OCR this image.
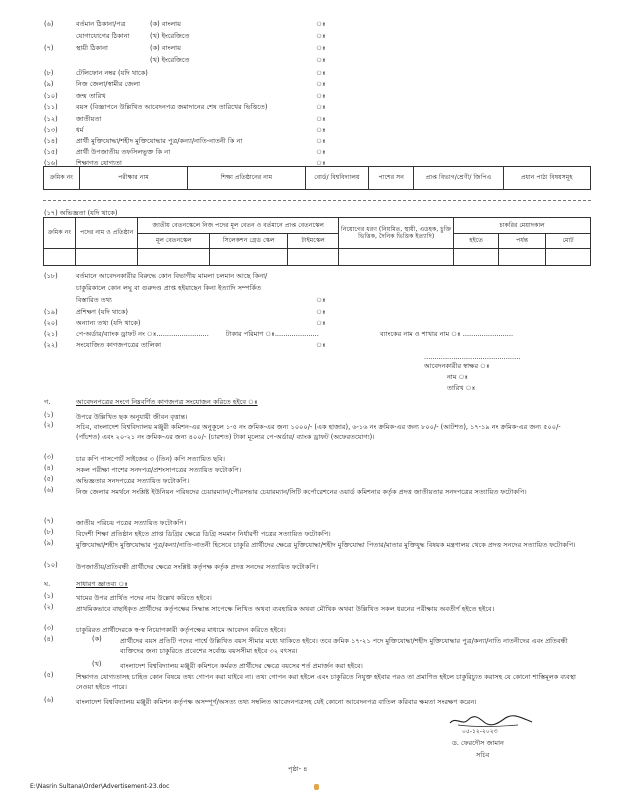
(৬)	বর্তমান ঠিকানা/পত্র	(ক) বাংলায়	ঃ
যোগাযোগের ঠিকানা	(খ) ইংরেজিতে	ঃ
(৭)	স্থায়ী ঠিকানা	(ক) বাংলায়	ঃ
(খ) ইংরেজিতে	ঃ
(৮)	টেলিফোন নম্বর (যদি থাকে)	ঃ
(৯)	নিজ জেলা/স্বামীর জেলা	ঃ
(১০)	জন্ম তারিখ	ঃ
(১১)	বয়স (বিজ্ঞাপনে উল্লিখিত আবেদনপত্র জমাদানের শেষ তারিখের ভিত্তিতে)	ঃ
(১২)	জাতীয়তা	ঃ
(১৩)	ধর্ম	ঃ
(১৪)	প্রার্থী মুক্তিযোদ্ধা/শহীদ মুক্তিযোদ্ধার পুত্র/কন্যা/নাতি-নাতনী কি না	ঃ
(১৫)	প্রার্থী উপজাতীয় তফসিলভুক্ত কি না	ঃ
(১৬)	শিক্ষাগত যোগ্যতা	ঃ
ক্রমিক নং	পরীক্ষার নাম	শিক্ষা প্রতিষ্ঠানের নাম	বোর্ড/ বিশ্ববিদ্যালয়	পাশের সন	প্রাপ্ত বিভাগ/শ্রেণী/ জিপিএ	প্রধান পাঠ্য বিষয়সমূহ
(১৭) অভিজ্ঞতা (যদি থাকে)
ক্রমিক নং	পদের নাম ও প্রতিষ্ঠান	জাতীয় বেতনস্কেলে নিজ পদের মূল বেতন ও বর্তমানে প্রাপ্ত বেতনস্কেল			নিয়োগের ধরণ (নিয়মিত, স্থায়ী, এডহক, চুক্তি ভিত্তিক, দৈনিক ভিত্তিক ইত্যাদি)	চাকরির মেয়াদকাল		
		মূল বেতনস্কেল	সিলেকশন গ্রেড স্কেল	টাইমস্কেল		হইতে	পর্যন্ত	মোট

(১৮)	বর্তমানে আবেদনকারীর বিরুদ্ধে কোন বিভাগীয় মামলা চলমান আছে কিনা/
চাকুরিকালে কোন লঘু বা গুরুদণ্ড প্রাপ্ত হইয়াছেন কিনা ইত্যাদি সম্পর্কিত
বিস্তারিত তথ্য	ঃ
(১৯)	প্রশিক্ষণ (যদি থাকে)	ঃ
(২০)	অন্যান্য তথ্য (যদি থাকে)	ঃ
(২১)	পে-অর্ডার/ব্যাংক ড্রাফট নং ঃ.........................	টাকার পরিমাণ ঃ.....................	ব্যাংকের নাম ও শাখার নাম ঃ ........................
(২২)	সংযোজিত কাগজপত্রের তালিকা	ঃ
..............................................
আবেদনকারীর স্বাক্ষর ঃ
নাম ঃ
তারিখ ঃ
গ.	আবেদনপত্রের সংগে নিম্নবর্ণিত কাগজপত্র সংযোজন করিতে হইবে ঃ
(১)	উপরে উল্লিখিত ছক অনুযায়ী জীবন বৃত্তান্ত।
(২)	সচিব, বাংলাদেশ বিশ্ববিদ্যালয় মঞ্জুরী কমিশন-এর অনুকূলে ১-৫ নং ক্রমিক-এর জন্য ১০০০/- (এক হাজার), ৬-১৬ নং ক্রমিক-এর জন্য ৮০০/- (আটশত), ১৭-১৯ নং ক্রমিক-এর জন্য ৫০০/- (পাঁচশত) এবং ২০-২১ নং ক্রমিক-এর জন্য ৪০০/- (চারশত) টাকা মূল্যের পে-অর্ডার/ ব্যাংক ড্রাফট (অফেরতযোগ্য)।
(৩)	চার কপি পাসপোর্ট সাইজের ৩ (তিন) কপি সত্যায়িত ছবি।
(৪)	সকল পরীক্ষা পাশের সনদপত্র/প্রশংসাপত্রের সত্যায়িত ফটোকপি।
(৫)	অভিজ্ঞতার সনদপত্রের সত্যায়িত ফটোকপি।
(৬)	নিজ জেলার সমর্থনে সংশ্লিষ্ট ইউনিয়ন পরিষদের চেয়ারম্যান/পৌরসভার চেয়ারম্যান/সিটি কর্পোরেশনের ওয়ার্ড কমিশনার কর্তৃক প্রদত্ত জাতীয়তার সনদপত্রের সত্যায়িত ফটোকপি।
(৭)	জাতীয় পরিচয় পত্রের সত্যায়িত ফটোকপি।
(৮)	বিদেশী শিক্ষা প্রতিষ্ঠান হইতে প্রাপ্ত ডিগ্রির ক্ষেত্রে ডিগ্রি সমমান নির্ধারণী পত্রের সত্যায়িত ফটোকপি।
(৯)	মুক্তিযোদ্ধা/শহীদ মুক্তিযোদ্ধার পুত্র/কন্যা/নাতি-নাতনী হিসেবে চাকুরি প্রার্থীদের ক্ষেত্রে মুক্তিযোদ্ধা/শহীদ মুক্তিযোদ্ধা পিতার/মাতার মুক্তিযুদ্ধ বিষয়ক মন্ত্রণালয় থেকে প্রদত্ত সনদের সত্যায়িত ফটোকপি।
(১০)	উপজাতীয়/প্রতিবন্ধী প্রার্থীদের ক্ষেত্রে সংশ্লিষ্ট কর্তৃপক্ষ কর্তৃক প্রদত্ত সনদের সত্যায়িত ফটোকপি।
ঘ.	সাধারণ জ্ঞাতব্য ঃ
(১)	খামের উপর প্রার্থিত পদের নাম উল্লেখ করিতে হইবে।
(২)	প্রাথমিকভাবে বাছাইকৃত প্রার্থীদের কর্তৃপক্ষের সিদ্ধান্ত সাপেক্ষে লিখিত অথবা ব্যবহারিক অথবা মৌখিক অথবা উল্লিখিত সকল ধরনের পরীক্ষায় অবতীর্ণ হইতে হইবে।
(৩)	চাকুরিরত প্রার্থীদেরকে স্ব-স্ব নিয়োগকারী কর্তৃপক্ষের মাধ্যমে আবেদন করিতে হইবে।
(৪)	(ক)	প্রার্থীদের বয়স প্রতিটি পদের পার্শ্বে উল্লিখিত বয়স সীমার মধ্যে থাকিতে হইবে। তবে ক্রমিক ১৭-২১ পদে মুক্তিযোদ্ধা/শহীদ মুক্তিযোদ্ধার পুত্র/কন্যা/নাতি নাতনীদের এবং প্রতিবন্ধী ব্যক্তিদের জন্য চাকুরিতে প্রবেশের সর্বোচ্চ বয়সসীমা হইবে ৩২ বৎসর।
(খ)	বাংলাদেশ বিশ্ববিদ্যালয় মঞ্জুরী কমিশনে কর্মরত প্রার্থীদের ক্ষেত্রে বয়সের শর্ত প্রমার্জন করা হইবে।
(৫)	শিক্ষাগত যোগ্যতাসহ চাহিত কোন বিষয়ে তথ্য গোপন করা যাইবে না। তথ্য গোপন করা হইলে এবং চাকুরিতে নিযুক্ত হইবার পরও তা প্রমাণিত হইলে চাকুরিচ্যুত করাসহ যে কোনো শাস্তিমূলক ব্যবস্থা নেওয়া হইতে পারে।
(৬)	বাংলাদেশ বিশ্ববিদ্যালয় মঞ্জুরী কমিশন কর্তৃপক্ষ অসম্পূর্ণ/অসত্য তথ্য সম্বলিত আবেদনপত্রসহ যেই কোনো আবেদনপত্র বাতিল করিবার ক্ষমতা সংরক্ষণ করেন।
০৫-১২-২০২৩
ড. ফেরদৌস জামান
সচিব
পৃষ্ঠা- ৪
E:\Nasrin Sultana\Order\Advertisement-23.doc
